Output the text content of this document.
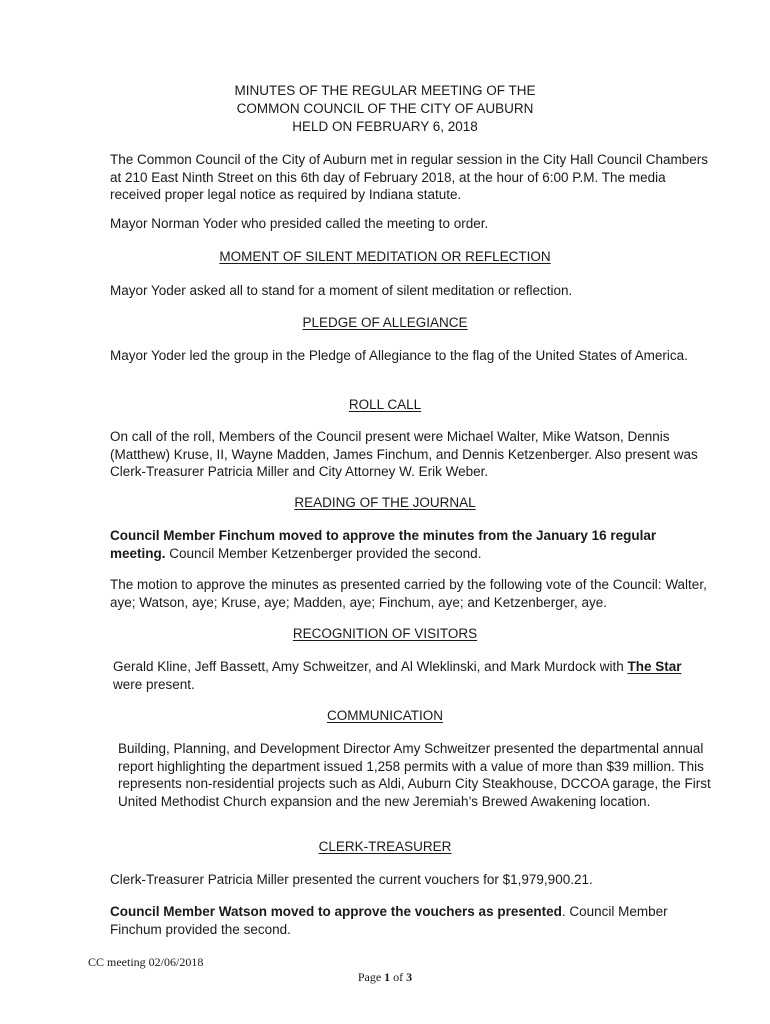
MINUTES OF THE REGULAR MEETING OF THE
COMMON COUNCIL OF THE CITY OF AUBURN
HELD ON FEBRUARY 6, 2018

The Common Council of the City of Auburn met in regular session in the City Hall Council Chambers at 210 East Ninth Street on this 6th day of February 2018, at the hour of 6:00 P.M. The media received proper legal notice as required by Indiana statute.

Mayor Norman Yoder who presided called the meeting to order.

MOMENT OF SILENT MEDITATION OR REFLECTION

Mayor Yoder asked all to stand for a moment of silent meditation or reflection.

PLEDGE OF ALLEGIANCE

Mayor Yoder led the group in the Pledge of Allegiance to the flag of the United States of America.

ROLL CALL

On call of the roll, Members of the Council present were Michael Walter, Mike Watson, Dennis (Matthew) Kruse, II, Wayne Madden, James Finchum, and Dennis Ketzenberger. Also present was Clerk-Treasurer Patricia Miller and City Attorney W. Erik Weber.

READING OF THE JOURNAL

Council Member Finchum moved to approve the minutes from the January 16 regular meeting. Council Member Ketzenberger provided the second.

The motion to approve the minutes as presented carried by the following vote of the Council: Walter, aye; Watson, aye; Kruse, aye; Madden, aye; Finchum, aye; and Ketzenberger, aye.

RECOGNITION OF VISITORS

Gerald Kline, Jeff Bassett, Amy Schweitzer, and Al Wleklinski, and Mark Murdock with The Star were present.

COMMUNICATION

Building, Planning, and Development Director Amy Schweitzer presented the departmental annual report highlighting the department issued 1,258 permits with a value of more than $39 million. This represents non-residential projects such as Aldi, Auburn City Steakhouse, DCCOA garage, the First United Methodist Church expansion and the new Jeremiah’s Brewed Awakening location.

CLERK-TREASURER

Clerk-Treasurer Patricia Miller presented the current vouchers for $1,979,900.21.

Council Member Watson moved to approve the vouchers as presented. Council Member Finchum provided the second.

CC meeting 02/06/2018
Page 1 of 3
